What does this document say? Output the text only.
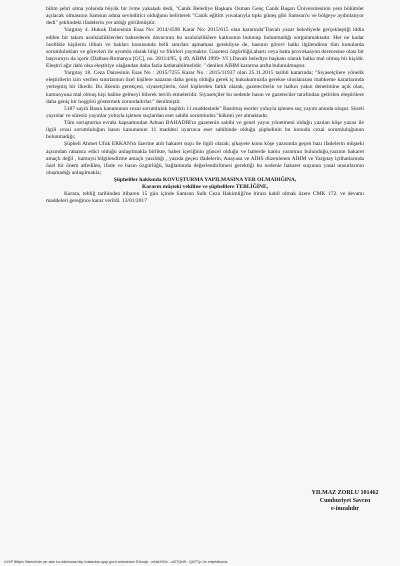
bilim şehri olma yolunda büyük bir ivme yakaladı dedi, "Canik Belediye Başkanı Osman Genç Canik Başarı Üniversitesinin yeni bölümler açılacak olmasının Samsun adına sevindirici olduğunu belirterek "Canik eğitim yuvalarıyla tıpkı güneş gibi Samsun'u ve bölgeye aydınlatıyor dedi" şeklindeki ifadelerin yer aldığı görülmüştür.

Yargıtay 4. Hukuk Dairesinin Esas No: 2014/4596 Karar No: 2015/615 olan kararında"Davalı yazar belediyede gerçekleştiği iddia edilen bir takım usulsüzlüklerden bahsederek davacının bu usulsüzlüklere katkısının bulunup bulunmadığı sorgulamaktadır. Her ne kadar özellikle kişilerin itibarı ve hakları konusunda belli sınırları aşmaması gerekliyse de, basının görevi halkı ilgilendiren tüm konularda sorumlulukları ve görevleri ile uyumlu olarak bilgi ve fikirleri yaymaktır. Gazeteci özgürlüğü,abartı veya hatta provokasyon derecesine olası bir başvuruyu da içerir (Dalban-Romanya [GC], no. 28114/95, § 49, AİHM 1999- VI ).Davalı belediye başkanı olarak halka mal olmuş bir kişidir. Eleştiri ağır dahi olsa eleştiriye olağandan daha fazla katlanabilmelidir. " denilen AİHM kararına atıfta bulunulmuştur.

Yargıtay 18. Ceza Dairesinin Esas No : 2015/7255 Karar No : 2015/11937 olan 25.11.2015 tarihli kararında; "Siyasetçilere yönelik eleştirilerin izin verilen sınırlarının özel kişilere nazaran daha geniş olduğu gerek iç hukukumuzda gerekse uluslararası mahkeme kararlarında yerleşmiş bir ilkedir. Bu ilkenin gerekçesi, siyasetçilerin, özel kişilerden farklı olarak, gazetecilerin ve halkın yakın denetimine açık olan, kamuoyuna mal olmuş kişi haline gelmeyi bilerek tercih etmeleridir. Siyasetçiler bu nedenle basın ve gazeteciler tarafından getirilen eleştirilere daha geniş bir hoşgörü göstermek zorundadırlar." denilmiştir.

5187 sayılı Basın kanununun cezai sorumluluk başlıklı 11.maddesinde" Basılmış eserler yoluyla işlenen suç yayım anında oluşur. Süreli yayınlar ve süresiz yayınlar yoluyla işlenen suçlardan eser sahibi sorumludur."hükmü yer almaktadır.

Tüm soruşturma evrakı kapsamından Adnan BAHADIR'ın gazetenin sahibi ve genel yayın yönetmeni olduğu yazılan köşe yazısı ile ilgili cezai sorumluluğun basın kanununun 11 maddesi uyarınca eser sahibinde olduğu şüphelinin bu konuda cezai sorumluluğunun bulunmadığı;

Şüpheli Ahmet Ufuk ERKAN'ın üzerine atılı hakaret suçu ile ilgili olarak; şikayete konu köşe yazısında geçen bazı ifadelerin müşteki açısından rahatsız edici olduğu anlaşılmakla birlikte, haber içeriğinin güncel olduğu ve haberde kamu yararının bulunduğu,yazının hakaret amaçlı değil , kamuyu bilgilendirme amaçlı yazıldığı , yazıda geçen ifadelerin, Anayasa ve AİHS düzenlenen AİHM ve Yargıtay içtihatlarında özel bir önem atfedilen, ifade ve basın özgürlüğü, bağlamında değerlendirilmesi gerektiği bu nedenle hakaret suçunun yasal unsurlarının oluşmadığı anlaşılmakla;

Şüpheliler hakkında KOVUŞTURMA YAPILMASINA YER OLMADIĞINA,

Kararın müşteki vekiline ve şüphelilere TEBLİĞİNE,

Karara, tebliğ tarihinden itibaren 15 gün içinde Samsun Sulh Ceza Hakimliği'ne itirazı kabil olmak üzere CMK 172. ve devamı maddeleri gereğince karar verildi. 13/01/2017

YILMAZ ZORLU 101462
Cumhuriyet Savcısı
e-imzalıdır
UYAP Bilişim Sistemi'nde yer alan bu dokümana http://vatandas.uyap.gov.tr adresinden RJtomje - mhkkXH2e - utGTQeW - QAITTy= ile erişebilirsiniz.
